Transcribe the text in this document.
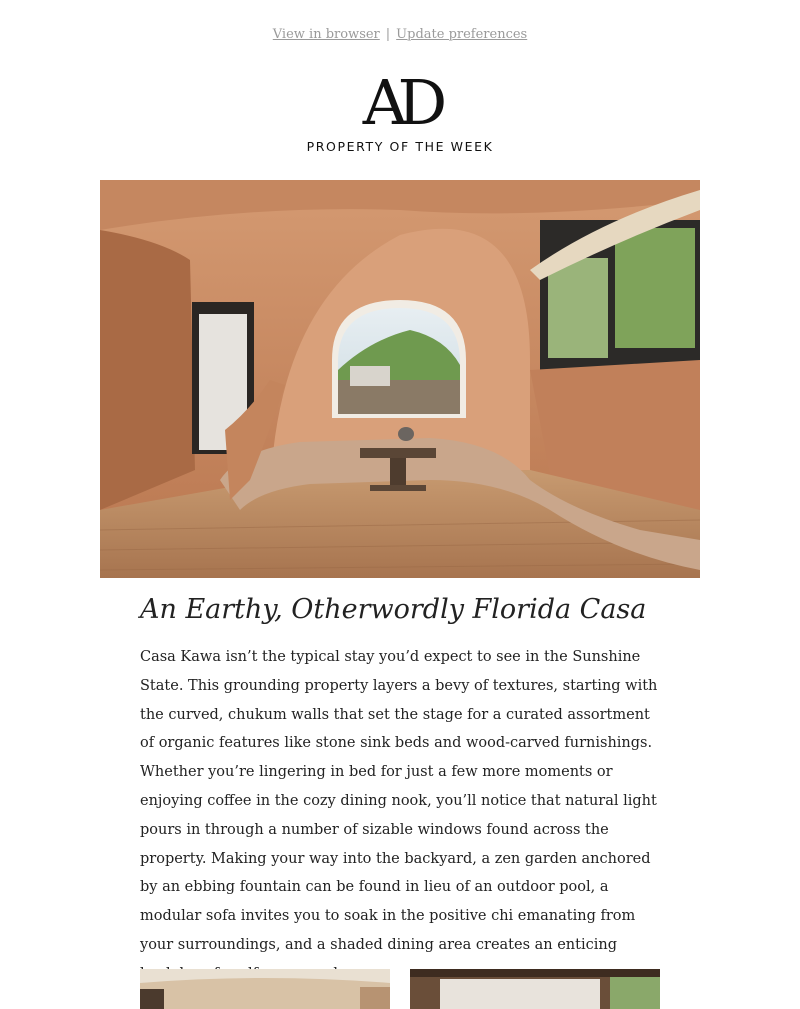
View in browser | Update preferences
AD
PROPERTY OF THE WEEK
An Earthy, Otherwordly Florida Casa

Casa Kawa isn’t the typical stay you’d expect to see in the Sunshine State. This grounding property layers a bevy of textures, starting with the curved, chukum walls that set the stage for a curated assortment of organic features like stone sink beds and wood-carved furnishings. Whether you’re lingering in bed for just a few more moments or enjoying coffee in the cozy dining nook, you’ll notice that natural light pours in through a number of sizable windows found across the property. Making your way into the backyard, a zen garden anchored by an ebbing fountain can be found in lieu of an outdoor pool, a modular sofa invites you to soak in the positive chi emanating from your surroundings, and a shaded dining area creates an enticing
